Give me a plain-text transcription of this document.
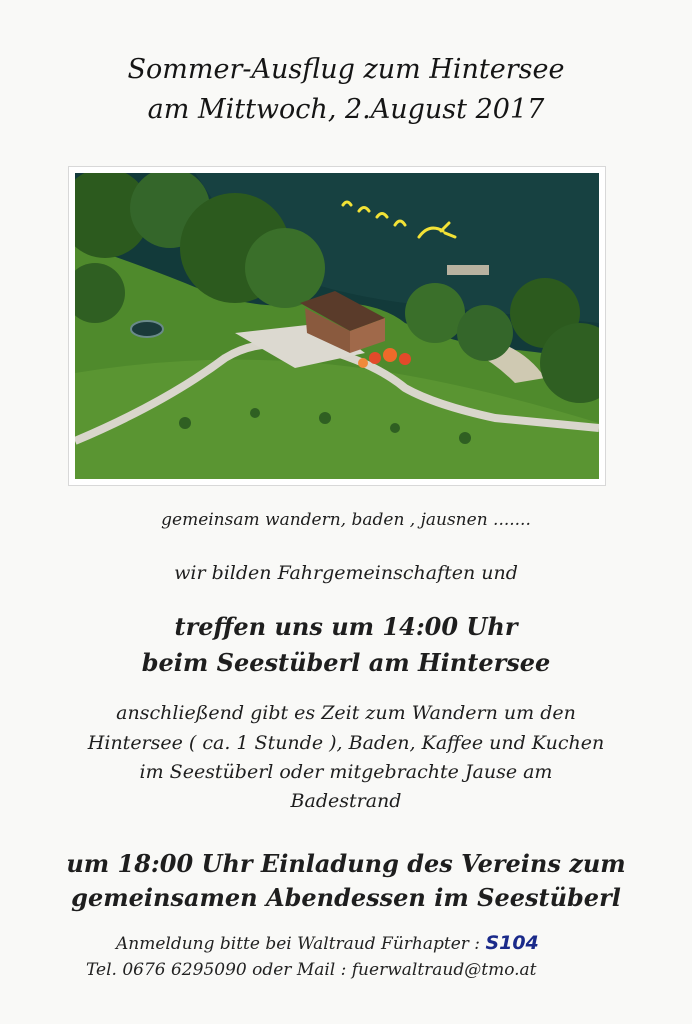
Sommer-Ausflug zum Hintersee
am Mittwoch, 2.August 2017
gemeinsam wandern, baden , jausnen .......
wir bilden Fahrgemeinschaften und
treffen uns um 14:00 Uhr
beim Seestüberl am Hintersee
anschließend gibt es Zeit zum Wandern um den
Hintersee ( ca. 1 Stunde ), Baden, Kaffee und Kuchen
im Seestüberl oder mitgebrachte Jause am
Badestrand
um 18:00 Uhr Einladung des Vereins zum
gemeinsamen Abendessen im Seestüberl
Anmeldung bitte bei Waltraud Fürhapter : S104
Tel. 0676 6295090 oder Mail : fuerwaltraud@tmo.at
